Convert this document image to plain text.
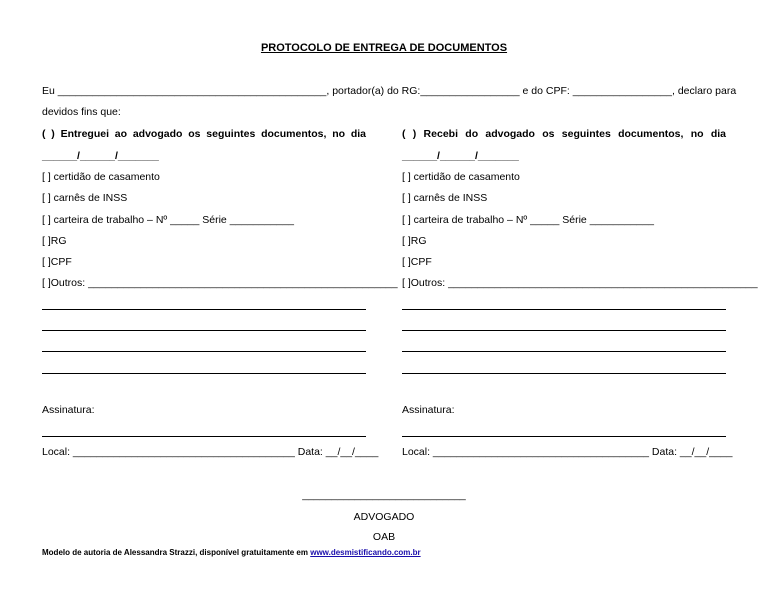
PROTOCOLO DE ENTREGA DE DOCUMENTOS
Eu ______________________________________________, portador(a) do RG:_________________ e do CPF: _________________, declaro para
devidos fins que:
( ) Entreguei ao advogado os seguintes documentos, no dia
______/______/_______
[ ] certidão de casamento
[ ] carnês de INSS
[ ] carteira de trabalho – Nº _____ Série ___________
[ ]RG
[ ]CPF
[ ]Outros: _____________________________________________________
Assinatura:
Local: ______________________________________ Data: __/__/____
( ) Recebi do advogado os seguintes documentos, no dia
______/______/_______
[ ] certidão de casamento
[ ] carnês de INSS
[ ] carteira de trabalho – Nº _____ Série ___________
[ ]RG
[ ]CPF
[ ]Outros: _____________________________________________________
Assinatura:
Local: _____________________________________ Data: __/__/____
____________________________
ADVOGADO
OAB
Modelo de autoria de Alessandra Strazzi, disponível gratuitamente em www.desmistificando.com.br
